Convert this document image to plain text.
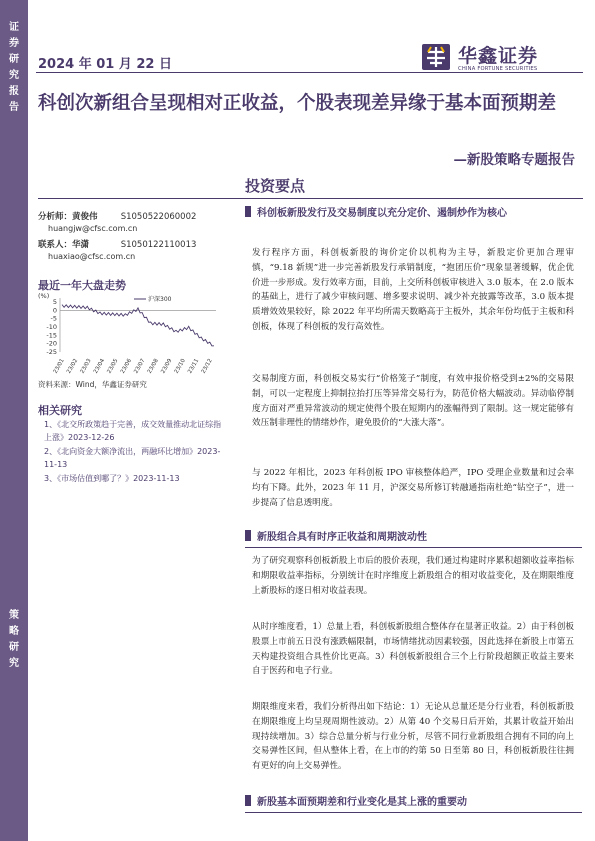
证
券
研
究
报
告
策
略
研
究
2024 年 01 月 22 日	华鑫证券
CHINA FORTUNE SECURITIES
科创次新组合呈现相对正收益，个股表现差异缘于基本面预期差
—新股策略专题报告
投资要点
分析师：黄俊伟	S1050522060002
huangjw@cfsc.com.cn
联系人：华潇	S1050122110013
huaxiao@cfsc.com.cn
最近一年大盘走势
(%)
5
0
-5
-10
-15
-20
-25
23/01 23/02 23/03 23/04 23/05 23/06 23/07 23/08 23/09 23/10 23/11 23/12
沪深300
资料来源：Wind，华鑫证券研究
相关研究
1、《北交所政策趋于完善，成交效量推动北证综指上涨》2023-12-26
2、《北向资金大额净流出，两融环比增加》2023-11-13
3、《市场估值到哪了？》2023-11-13
科创板新股发行及交易制度以充分定价、遏制炒作为核心
发行程序方面，科创板新股的询价定价以机构为主导，新股定价更加合理审慎，“9.18 新规”进一步完善新股发行承销制度，“抱团压价”现象显著缓解，优企优价进一步形成。发行效率方面，目前，上交所科创板审核进入 3.0 版本，在 2.0 版本的基础上，进行了减少审核问题、增多要求说明、减少补充披露等改革，3.0 版本提质增效效果较好，除 2022 年平均所需天数略高于主板外，其余年份均低于主板和科创板，体现了科创板的发行高效性。
交易制度方面，科创板交易实行“价格笼子”制度，有效申报价格受到±2%的交易限制，可以一定程度上抑制拉抬打压等异常交易行为，防范价格大幅波动。异动临停制度方面对严重异常波动的规定使得个股在短期内的涨幅得到了限制。这一规定能够有效压制非理性的情绪炒作，避免股价的“大涨大落”。
与 2022 年相比，2023 年科创板 IPO 审核整体趋严，IPO 受理企业数量和过会率均有下降。此外，2023 年 11 月，沪深交易所修订转融通指南杜绝“钻空子”，进一步提高了信息透明度。
新股组合具有时序正收益和周期波动性
为了研究观察科创板新股上市后的股价表现，我们通过构建时序累积超额收益率指标和期限收益率指标，分别统计在时序维度上新股组合的相对收益变化，及在期限维度上新股标的逐日相对收益表现。
从时序维度看，1）总量上看，科创板新股组合整体存在显著正收益。2）由于科创板股票上市前五日没有涨跌幅限制，市场情绪扰动因素较强，因此选择在新股上市第五天构建投资组合具性价比更高。3）科创板新股组合三个上行阶段超额正收益主要来自于医药和电子行业。
期限维度来看，我们分析得出如下结论：1）无论从总量还是分行业看，科创板新股在期限维度上均呈现周期性波动。2）从第 40 个交易日后开始，其累计收益开始出现持续增加。3）综合总量分析与行业分析，尽管不同行业新股组合拥有不同的向上交易弹性区间，但从整体上看，在上市的约第 50 日至第 80 日，科创板新股往往拥有更好的向上交易弹性。
新股基本面预期差和行业变化是其上涨的重要动
